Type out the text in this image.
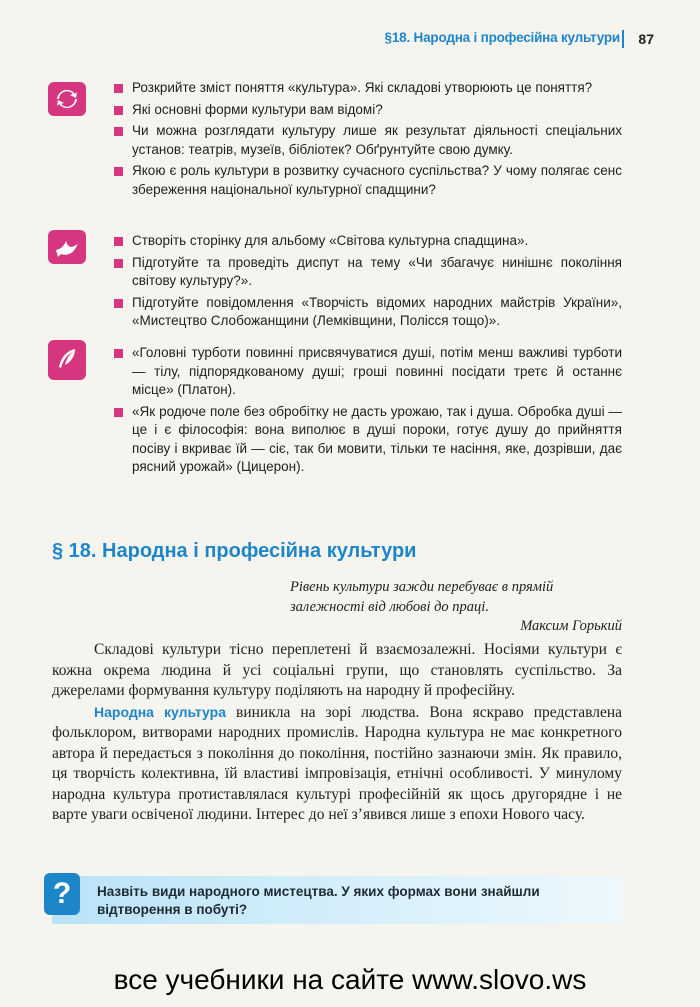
§18. Народна і професійна культури 87
Розкрийте зміст поняття «культура». Які складові утворюють це поняття?
Які основні форми культури вам відомі?
Чи можна розглядати культуру лише як результат діяльності спеціальних установ: театрів, музеїв, бібліотек? Обґрунтуйте свою думку.
Якою є роль культури в розвитку сучасного суспільства? У чому полягає сенс збереження національної культурної спадщини?
Створіть сторінку для альбому «Світова культурна спадщина».
Підготуйте та проведіть диспут на тему «Чи збагачує нинішнє покоління світову культуру?».
Підготуйте повідомлення «Творчість відомих народних майстрів України», «Мистецтво Слобожанщини (Лемківщини, Полісся тощо)».
«Головні турботи повинні присвячуватися душі, потім менш важливі турботи — тілу, підпорядкованому душі; гроші повинні посідати третє й останнє місце» (Платон).
«Як родюче поле без обробітку не дасть урожаю, так і душа. Обробка душі — це і є філософія: вона виполює в душі пороки, готує душу до прийняття посіву і вкриває їй — сіє, так би мовити, тільки те насіння, яке, дозрівши, дає рясний урожай» (Цицерон).
§ 18. Народна і професійна культури
Рівень культури зажди перебуває в прямій залежності від любові до праці.
Максим Горький

Складові культури тісно переплетені й взаємозалежні. Носіями культури є кожна окрема людина й усі соціальні групи, що становлять суспільство. За джерелами формування культуру поділяють на народну й професійну.

Народна культура виникла на зорі людства. Вона яскраво представлена фольклором, витворами народних промислів. Народна культура не має конкретного автора й передається з покоління до покоління, постійно зазнаючи змін. Як правило, ця творчість колективна, їй властиві імпровізація, етнічні особливості. У минулому народна культура протиставлялася культурі професійній як щось другорядне і не варте уваги освіченої людини. Інтерес до неї з’явився лише з епохи Нового часу.

?	Назвіть види народного мистецтва. У яких формах вони знайшли відтворення в побуті?
все учебники на сайте www.slovo.ws
